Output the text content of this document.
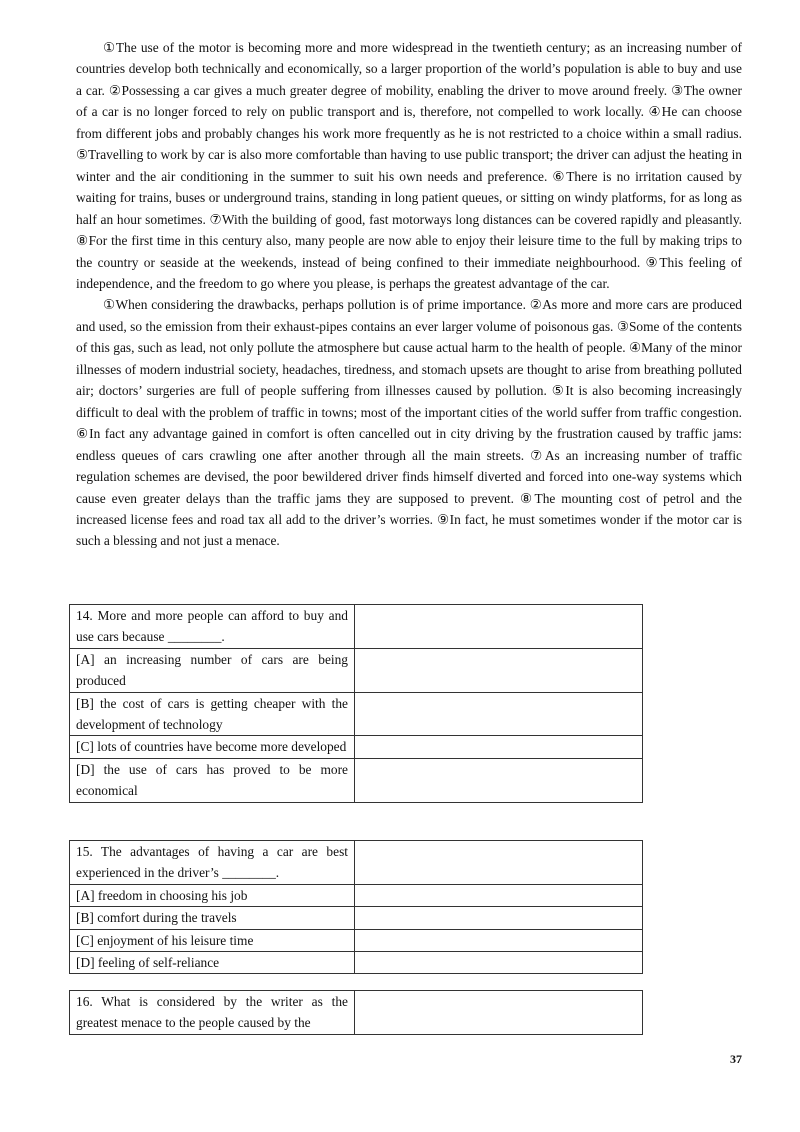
①The use of the motor is becoming more and more widespread in the twentieth century; as an increasing number of countries develop both technically and economically, so a larger proportion of the world’s population is able to buy and use a car. ②Possessing a car gives a much greater degree of mobility, enabling the driver to move around freely. ③The owner of a car is no longer forced to rely on public transport and is, therefore, not compelled to work locally. ④He can choose from different jobs and probably changes his work more frequently as he is not restricted to a choice within a small radius. ⑤Travelling to work by car is also more comfortable than having to use public transport; the driver can adjust the heating in winter and the air conditioning in the summer to suit his own needs and preference. ⑥There is no irritation caused by waiting for trains, buses or underground trains, standing in long patient queues, or sitting on windy platforms, for as long as half an hour sometimes. ⑦With the building of good, fast motorways long distances can be covered rapidly and pleasantly. ⑧For the first time in this century also, many people are now able to enjoy their leisure time to the full by making trips to the country or seaside at the weekends, instead of being confined to their immediate neighbourhood. ⑨This feeling of independence, and the freedom to go where you please, is perhaps the greatest advantage of the car.

①When considering the drawbacks, perhaps pollution is of prime importance. ②As more and more cars are produced and used, so the emission from their exhaust-pipes contains an ever larger volume of poisonous gas. ③Some of the contents of this gas, such as lead, not only pollute the atmosphere but cause actual harm to the health of people. ④Many of the minor illnesses of modern industrial society, headaches, tiredness, and stomach upsets are thought to arise from breathing polluted air; doctors’ surgeries are full of people suffering from illnesses caused by pollution. ⑤It is also becoming increasingly difficult to deal with the problem of traffic in towns; most of the important cities of the world suffer from traffic congestion. ⑥In fact any advantage gained in comfort is often cancelled out in city driving by the frustration caused by traffic jams: endless queues of cars crawling one after another through all the main streets. ⑦As an increasing number of traffic regulation schemes are devised, the poor bewildered driver finds himself diverted and forced into one-way systems which cause even greater delays than the traffic jams they are supposed to prevent. ⑧The mounting cost of petrol and the increased license fees and road tax all add to the driver’s worries. ⑨In fact, he must sometimes wonder if the motor car is such a blessing and not just a menace.

14. More and more people can afford to buy and use cars because ________.	
[A] an increasing number of cars are being produced	
[B] the cost of cars is getting cheaper with the development of technology	
[C] lots of countries have become more developed	
[D] the use of cars has proved to be more economical	
15. The advantages of having a car are best experienced in the driver’s ________.	
[A] freedom in choosing his job	
[B] comfort during the travels	
[C] enjoyment of his leisure time	
[D] feeling of self-reliance	
16. What is considered by the writer as the greatest menace to the people caused by the	
37
